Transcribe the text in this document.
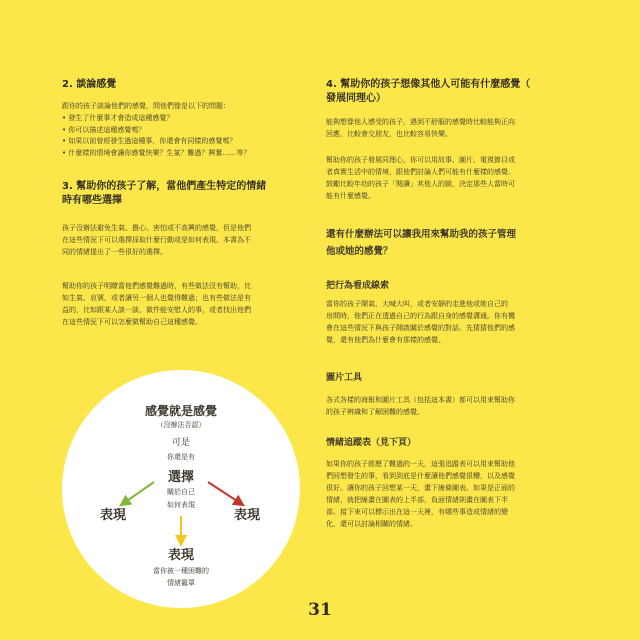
2. 談論感覺

跟你的孩子談論他們的感覺，問他們像是以下的問題：

• 發生了什麼事才會造成這種感覺？
• 你可以描述這種感覺嗎？
• 如果以前曾經發生過這種事，你還會有同樣的感覺嗎？
• 什麼樣的情境會讓你感覺快樂？生氣？難過？興奮……等？

3. 幫助你的孩子了解，當他們產生特定的情緒
時有哪些選擇

孩子沒辦法避免生氣、擔心、害怕或不高興的感覺，但是他們
在這些情況下可以選擇採取什麼行動或是如何表現。本書為不
同的情緒提出了一些很好的選擇。
幫助你的孩子明瞭當他們感覺難過時，有些做法沒有幫助，比
如生氣、哀號，或者讓另一個人也覺得難過；也有些做法是有
益的，比如跟某人談一談、做件能安慰人的事，或者找出他們
在這些情況下可以怎麼做幫助自己這種感覺。
感覺就是感覺
（沒辦法否認）
可是
你還是有
選擇
關於自己
如何表現
表現	表現
表現
當你被一種困難的
情緒籠罩

4. 幫助你的孩子想像其他人可能有什麼感覺（
發展同理心）

能夠想像他人感受的孩子，遇到不舒服的感覺時比較能夠正向
回應，比較會交朋友，也比較容易快樂。
幫助你的孩子發展同理心，你可以用故事、圖片、電視節目或
者真實生活中的情境，跟他們討論人們可能有什麼樣的感覺。
鼓勵比較年幼的孩子「閱讀」其他人的臉，決定那些人當時可
能有什麼感覺。

還有什麼辦法可以讓我用來幫助我的孩子管理
他或她的感覺？

把行為看成線索

當你的孩子鬧氣、大喊大叫，或者安靜的走進他或她自己的
房間時，他們正在透過自己的行為跟自身的感覺溝通。你有機
會在這些情況下與孩子開啟關於感覺的對話。先猜猜他們的感
覺，還有他們為什麼會有那樣的感覺。

圖片工具

各式各樣的海報和圖片工具（包括這本書）都可以用來幫助你
的孩子辨識和了解困難的感覺。

情緒追蹤表（見下頁）

如果你的孩子經歷了難過的一天，這張追蹤表可以用來幫助他
們回想發生的事，看到到底是什麼讓他們感覺很糟，以及感覺
很好。讓你的孩子回想某一天，畫下線條圖表。如果是正面的
情緒，就把線畫在圖表的上半部，負面情緒則畫在圖表下半
部。接下來可以標示出在這一天裡，有哪些事造成情緒的變
化，還可以討論相關的情緒。
31
